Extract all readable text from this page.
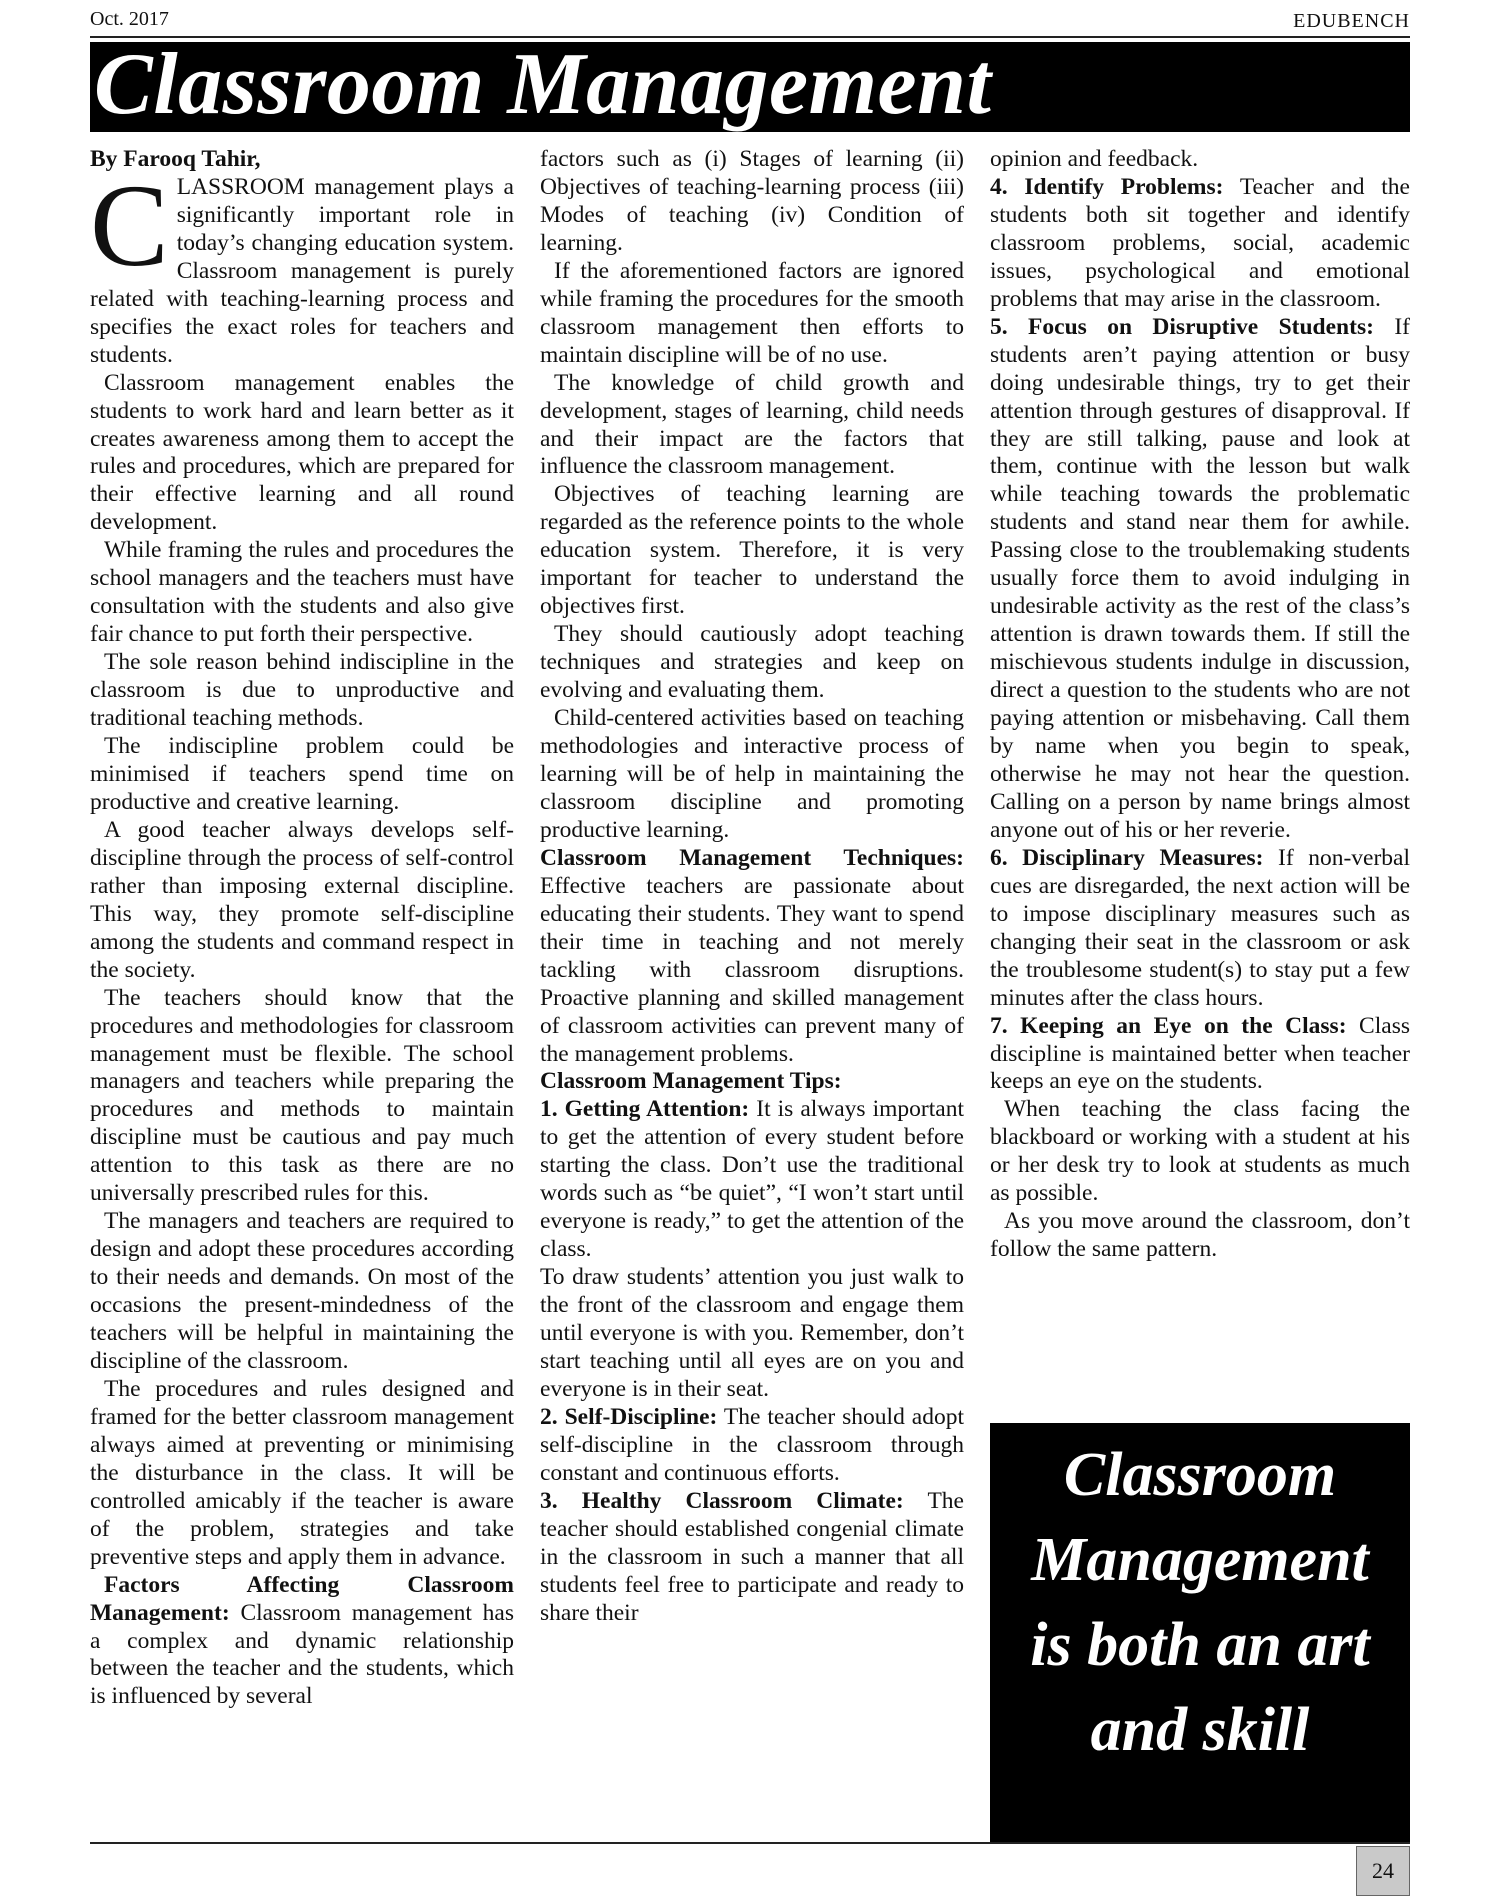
Oct. 2017	EDUBENCH
Classroom Management

By Farooq Tahir,

CLASSROOM management plays a significantly important role in today’s changing education system. Classroom management is purely related with teaching-learning process and specifies the exact roles for teachers and students.

Classroom management enables the students to work hard and learn better as it creates awareness among them to accept the rules and procedures, which are prepared for their effective learning and all round development.

While framing the rules and procedures the school managers and the teachers must have consultation with the students and also give fair chance to put forth their perspective.

The sole reason behind indiscipline in the classroom is due to unproductive and traditional teaching methods.

The indiscipline problem could be minimised if teachers spend time on productive and creative learning.

A good teacher always develops self-discipline through the process of self-control rather than imposing external discipline. This way, they promote self-discipline among the students and command respect in the society.

The teachers should know that the procedures and methodologies for classroom management must be flexible. The school managers and teachers while preparing the procedures and methods to maintain discipline must be cautious and pay much attention to this task as there are no universally prescribed rules for this.

The managers and teachers are required to design and adopt these procedures according to their needs and demands. On most of the occasions the present-mindedness of the teachers will be helpful in maintaining the discipline of the classroom.

The procedures and rules designed and framed for the better classroom management always aimed at preventing or minimising the disturbance in the class. It will be controlled amicably if the teacher is aware of the problem, strategies and take preventive steps and apply them in advance.

Factors Affecting Classroom Management: Classroom management has a complex and dynamic relationship between the teacher and the students, which is influenced by several

factors such as (i) Stages of learning (ii) Objectives of teaching-learning process (iii) Modes of teaching (iv) Condition of learning.

If the aforementioned factors are ignored while framing the procedures for the smooth classroom management then efforts to maintain discipline will be of no use.

The knowledge of child growth and development, stages of learning, child needs and their impact are the factors that influence the classroom management.

Objectives of teaching learning are regarded as the reference points to the whole education system. Therefore, it is very important for teacher to understand the objectives first.

They should cautiously adopt teaching techniques and strategies and keep on evolving and evaluating them.

Child-centered activities based on teaching methodologies and interactive process of learning will be of help in maintaining the classroom discipline and promoting productive learning.

Classroom Management Techniques: Effective teachers are passionate about educating their students. They want to spend their time in teaching and not merely tackling with classroom disruptions. Proactive planning and skilled management of classroom activities can prevent many of the management problems.

Classroom Management Tips:

1. Getting Attention: It is always important to get the attention of every student before starting the class. Don’t use the traditional words such as “be quiet”, “I won’t start until everyone is ready,” to get the attention of the class.

To draw students’ attention you just walk to the front of the classroom and engage them until everyone is with you. Remember, don’t start teaching until all eyes are on you and everyone is in their seat.

2. Self-Discipline: The teacher should adopt self-discipline in the classroom through constant and continuous efforts.

3. Healthy Classroom Climate: The teacher should established congenial climate in the classroom in such a manner that all students feel free to participate and ready to share their

opinion and feedback.

4. Identify Problems: Teacher and the students both sit together and identify classroom problems, social, academic issues, psychological and emotional problems that may arise in the classroom.

5. Focus on Disruptive Students: If students aren’t paying attention or busy doing undesirable things, try to get their attention through gestures of disapproval. If they are still talking, pause and look at them, continue with the lesson but walk while teaching towards the problematic students and stand near them for awhile. Passing close to the troublemaking students usually force them to avoid indulging in undesirable activity as the rest of the class’s attention is drawn towards them. If still the mischievous students indulge in discussion, direct a question to the students who are not paying attention or misbehaving. Call them by name when you begin to speak, otherwise he may not hear the question. Calling on a person by name brings almost anyone out of his or her reverie.

6. Disciplinary Measures: If non-verbal cues are disregarded, the next action will be to impose disciplinary measures such as changing their seat in the classroom or ask the troublesome student(s) to stay put a few minutes after the class hours.

7. Keeping an Eye on the Class: Class discipline is maintained better when teacher keeps an eye on the students.

When teaching the class facing the blackboard or working with a student at his or her desk try to look at students as much as possible.

As you move around the classroom, don’t follow the same pattern.

Classroom
Management
is both an art
and skill
24
